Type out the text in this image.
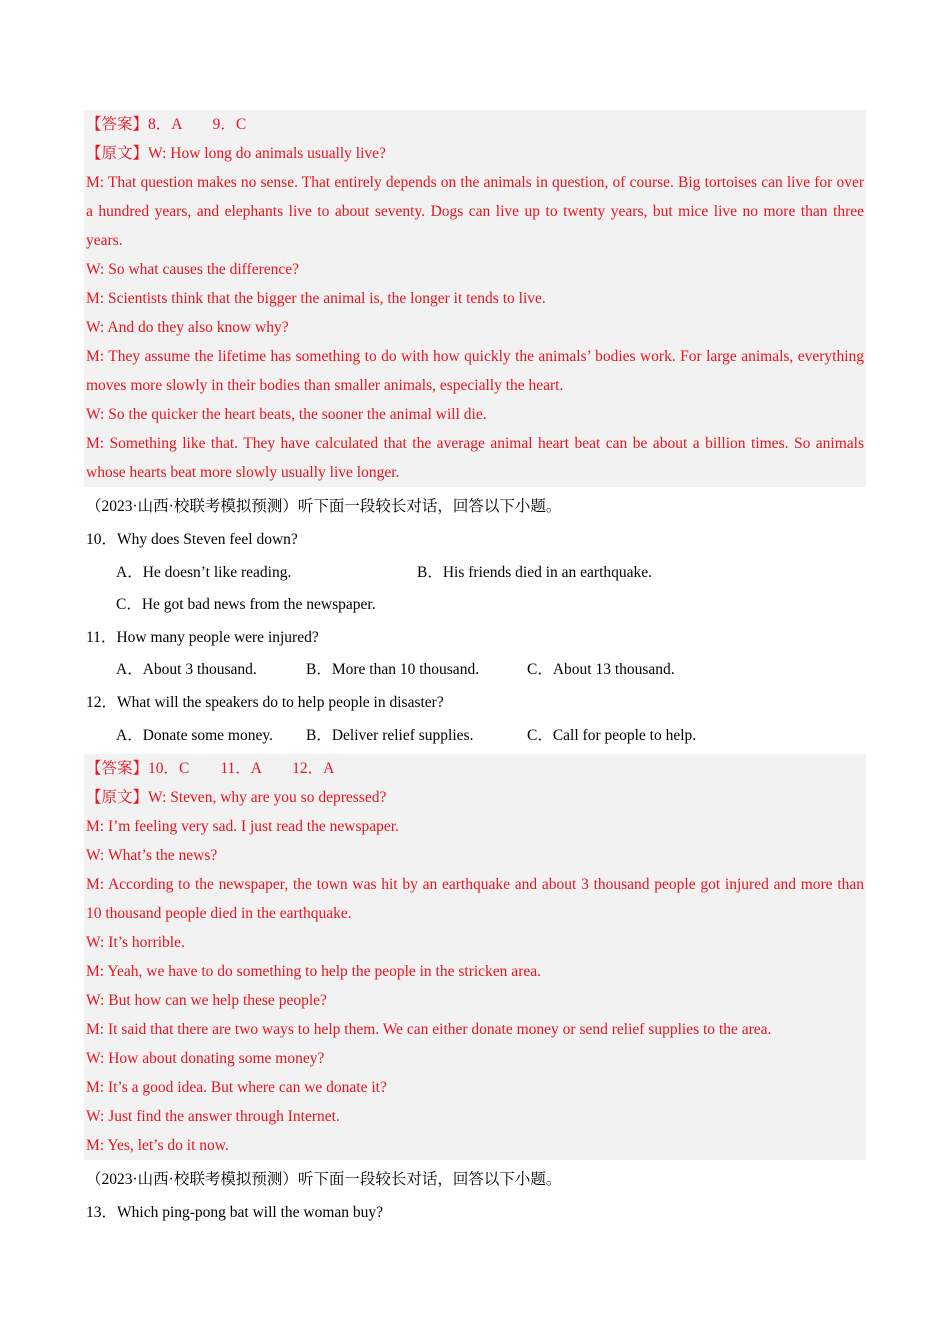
【答案】8．A　　9．C

【原文】W: How long do animals usually live?

M: That question makes no sense. That entirely depends on the animals in question, of course. Big tortoises can live for over a hundred years, and elephants live to about seventy. Dogs can live up to twenty years, but mice live no more than three years.

W: So what causes the difference?

M: Scientists think that the bigger the animal is, the longer it tends to live.

W: And do they also know why?

M: They assume the lifetime has something to do with how quickly the animals’ bodies work. For large animals, everything moves more slowly in their bodies than smaller animals, especially the heart.

W: So the quicker the heart beats, the sooner the animal will die.

M: Something like that. They have calculated that the average animal heart beat can be about a billion times. So animals whose hearts beat more slowly usually live longer.

（2023·山西·校联考模拟预测）听下面一段较长对话，回答以下小题。
10．Why does Steven feel down?
A．He doesn’t like reading.	B．His friends died in an earthquake.
C．He got bad news from the newspaper.
11．How many people were injured?
A．About 3 thousand.	B．More than 10 thousand.	C．About 13 thousand.
12．What will the speakers do to help people in disaster?
A．Donate some money. B．Deliver relief supplies.	C．Call for people to help.

【答案】10．C　　11．A　　12．A

【原文】W: Steven, why are you so depressed?

M: I’m feeling very sad. I just read the newspaper.

W: What’s the news?

M: According to the newspaper, the town was hit by an earthquake and about 3 thousand people got injured and more than 10 thousand people died in the earthquake.

W: It’s horrible.

M: Yeah, we have to do something to help the people in the stricken area.

W: But how can we help these people?

M: It said that there are two ways to help them. We can either donate money or send relief supplies to the area.

W: How about donating some money?

M: It’s a good idea. But where can we donate it?

W: Just find the answer through Internet.

M: Yes, let’s do it now.

（2023·山西·校联考模拟预测）听下面一段较长对话，回答以下小题。
13．Which ping-pong bat will the woman buy?
